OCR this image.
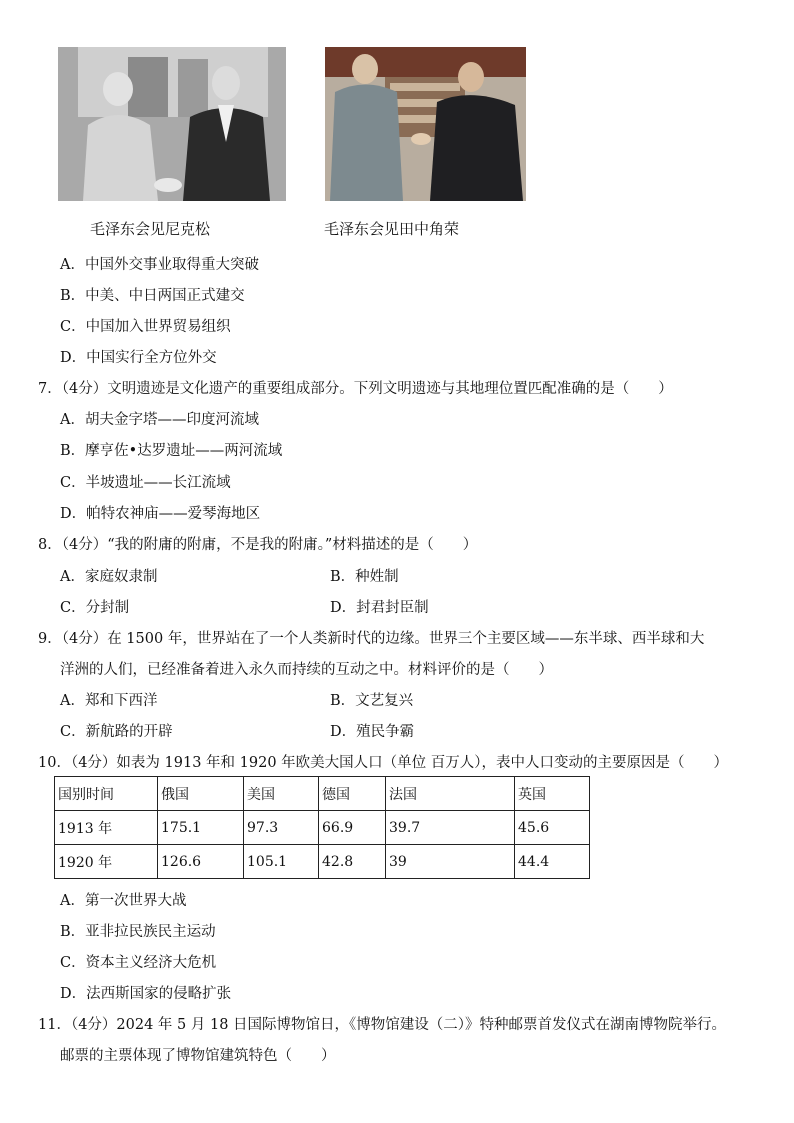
毛泽东会见尼克松	毛泽东会见田中角荣
A．中国外交事业取得重大突破
B．中美、中日两国正式建交
C．中国加入世界贸易组织
D．中国实行全方位外交
7．（4分）文明遗迹是文化遗产的重要组成部分。下列文明遗迹与其地理位置匹配准确的是（　　）
A．胡夫金字塔——印度河流域
B．摩亨佐•达罗遗址——两河流域
C．半坡遗址——长江流域
D．帕特农神庙——爱琴海地区
8．（4分）“我的附庸的附庸，不是我的附庸。”材料描述的是（　　）
A．家庭奴隶制	B．种姓制
C．分封制	D．封君封臣制
9．（4分）在 1500 年，世界站在了一个人类新时代的边缘。世界三个主要区域——东半球、西半球和大
洋洲的人们，已经准备着进入永久而持续的互动之中。材料评价的是（　　）
A．郑和下西洋	B．文艺复兴
C．新航路的开辟	D．殖民争霸
10．（4分）如表为 1913 年和 1920 年欧美大国人口（单位 百万人），表中人口变动的主要原因是（　　）
国别时间	俄国	美国	德国	法国	英国
1913 年	175.1	97.3	66.9	39.7	45.6
1920 年	126.6	105.1	42.8	39	44.4
A．第一次世界大战
B．亚非拉民族民主运动
C．资本主义经济大危机
D．法西斯国家的侵略扩张
11．（4分）2024 年 5 月 18 日国际博物馆日，《博物馆建设（二）》特种邮票首发仪式在湖南博物院举行。
邮票的主票体现了博物馆建筑特色（　　）
